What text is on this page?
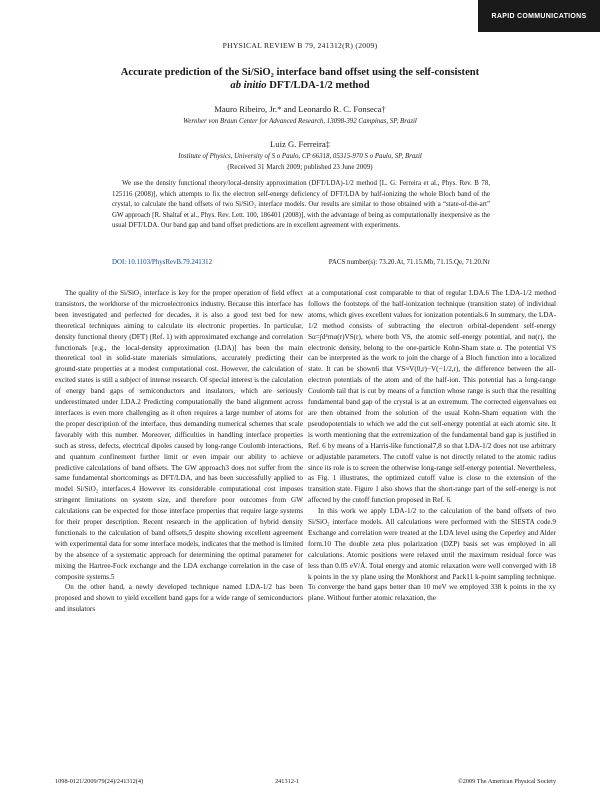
RAPID COMMUNICATIONS
PHYSICAL REVIEW B 79, 241312(R) (2009)
Accurate prediction of the Si/SiO₂ interface band offset using the self-consistent
ab initio DFT/LDA-1/2 method
Mauro Ribeiro, Jr.* and Leonardo R. C. Fonseca†
Wernher von Braun Center for Advanced Research, 13098-392 Campinas, SP, Brazil
Luiz G. Ferreira‡
Institute of Physics, University of S o Paulo, CP 66318, 05315-970 S o Paulo, SP, Brazil
(Received 31 March 2009; published 23 June 2009)

We use the density functional theory/local-density approximation (DFT/LDA)-1/2 method [L. G. Ferreira et al., Phys. Rev. B 78, 125116 (2008)], which attempts to fix the electron self-energy deficiency of DFT/LDA by half-ionizing the whole Bloch band of the crystal, to calculate the band offsets of two Si/SiO₂ interface models. Our results are similar to those obtained with a “state-of-the-art” GW approach [R. Shaltaf et al., Phys. Rev. Lett. 100, 186401 (2008)], with the advantage of being as computationally inexpensive as the usual DFT/LDA. Our band gap and band offset predictions are in excellent agreement with experiments.

DOI: 10.1103/PhysRevB.79.241312	PACS number(s): 73.20.At, 71.15.Mb, 71.15.Qe, 71.20.Nr

The quality of the Si/SiO₂ interface is key for the proper operation of field effect transistors, the workhorse of the microelectronics industry. Because this interface has been investigated and perfected for decades, it is also a good test bed for new theoretical techniques aiming to calculate its electronic properties. In particular, density functional theory (DFT) (Ref. 1) with approximated exchange and correlation functionals [e.g., the local-density approximation (LDA)] has been the main theoretical tool in solid-state materials simulations, accurately predicting their ground-state properties at a modest computational cost. However, the calculation of excited states is still a subject of intense research. Of special interest is the calculation of energy band gaps of semiconductors and insulators, which are seriously underestimated under LDA.2 Predicting computationally the band alignment across interfaces is even more challenging as it often requires a large number of atoms for the proper description of the interface, thus demanding numerical schemes that scale favorably with this number. Moreover, difficulties in handling interface properties such as stress, defects, electrical dipoles caused by long-range Coulomb interactions, and quantum confinement further limit or even impair our ability to achieve predictive calculations of band offsets. The GW approach3 does not suffer from the same fundamental shortcomings as DFT/LDA, and has been successfully applied to model Si/SiO₂ interfaces.4 However its considerable computational cost imposes stringent limitations on system size, and therefore poor outcomes from GW calculations can be expected for those interface properties that require large systems for their proper description. Recent research in the application of hybrid density functionals to the calculation of band offsets,5 despite showing excellent agreement with experimental data for some interface models, indicates that the method is limited by the absence of a systematic approach for determining the optimal parameter for mixing the Hartree-Fock exchange and the LDA exchange correlation in the case of composite systems.5

On the other hand, a newly developed technique named LDA-1/2 has been proposed and shown to yield excellent band gaps for a wide range of semiconductors and insulators

at a computational cost comparable to that of regular LDA.6 The LDA-1/2 method follows the footsteps of the half-ionization technique (transition state) of individual atoms, which gives excellent values for ionization potentials.6 In summary, the LDA-1/2 method consists of subtracting the electron orbital-dependent self-energy Sα=∫d³rnα(r)VS(r), where both VS, the atomic self-energy potential, and nα(r), the electronic density, belong to the one-particle Kohn-Sham state α. The potential VS can be interpreted as the work to join the charge of a Bloch function into a localized state. It can be shown6 that VS≈V(0,r)−V(−1/2,r), the difference between the all-electron potentials of the atom and of the half-ion. This potential has a long-range Coulomb tail that is cut by means of a function whose range is such that the resulting fundamental band gap of the crystal is at an extremum. The corrected eigenvalues eα are then obtained from the solution of the usual Kohn-Sham equation with the pseudopotentials to which we add the cut self-energy potential at each atomic site. It is worth mentioning that the extremization of the fundamental band gap is justified in Ref. 6 by means of a Harris-like functional7,8 so that LDA-1/2 does not use arbitrary or adjustable parameters. The cutoff value is not directly related to the atomic radius since its role is to screen the otherwise long-range self-energy potential. Nevertheless, as Fig. 1 illustrates, the optimized cutoff value is close to the extension of the transition state. Figure 1 also shows that the short-range part of the self-energy is not affected by the cutoff function proposed in Ref. 6.

In this work we apply LDA-1/2 to the calculation of the band offsets of two Si/SiO₂ interface models. All calculations were performed with the SIESTA code.9 Exchange and correlation were treated at the LDA level using the Ceperley and Alder form.10 The double zeta plus polarization (DZP) basis set was employed in all calculations. Atomic positions were relaxed until the maximum residual force was less than 0.05 eV/Å. Total energy and atomic relaxation were well converged with 18 k points in the xy plane using the Monkhorst and Pack11 k-point sampling technique. To converge the band gaps better than 10 meV we employed 338 k points in the xy plane. Without further atomic relaxation, the

1098-0121/2009/79(24)/241312(4)	241312-1	©2009 The American Physical Society
